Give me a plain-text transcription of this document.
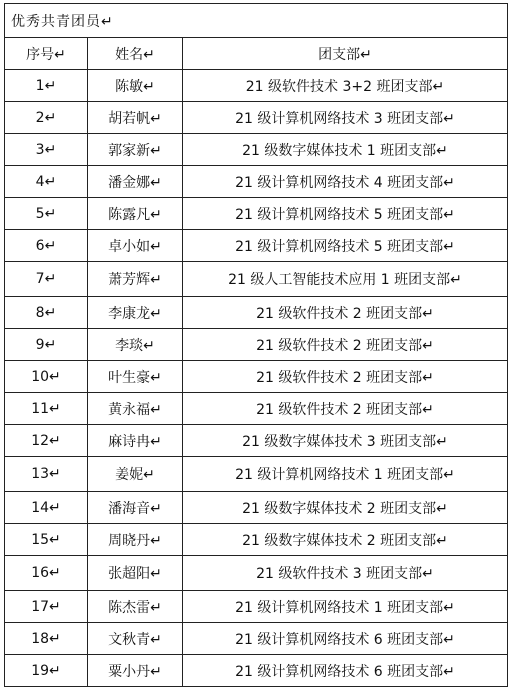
优秀共青团员↵		
序号↵	姓名↵	团支部↵
1↵	陈敏↵	21 级软件技术 3+2 班团支部↵
2↵	胡若帆↵	21 级计算机网络技术 3 班团支部↵
3↵	郭家新↵	21 级数字媒体技术 1 班团支部↵
4↵	潘金娜↵	21 级计算机网络技术 4 班团支部↵
5↵	陈露凡↵	21 级计算机网络技术 5 班团支部↵
6↵	卓小如↵	21 级计算机网络技术 5 班团支部↵
7↵	萧芳辉↵	21 级人工智能技术应用 1 班团支部↵
8↵	李康龙↵	21 级软件技术 2 班团支部↵
9↵	李琰↵	21 级软件技术 2 班团支部↵
10↵	叶生豪↵	21 级软件技术 2 班团支部↵
11↵	黄永福↵	21 级软件技术 2 班团支部↵
12↵	麻诗冉↵	21 级数字媒体技术 3 班团支部↵
13↵	姜妮↵	21 级计算机网络技术 1 班团支部↵
14↵	潘海音↵	21 级数字媒体技术 2 班团支部↵
15↵	周晓丹↵	21 级数字媒体技术 2 班团支部↵
16↵	张超阳↵	21 级软件技术 3 班团支部↵
17↵	陈杰雷↵	21 级计算机网络技术 1 班团支部↵
18↵	文秋青↵	21 级计算机网络技术 6 班团支部↵
19↵	粟小丹↵	21 级计算机网络技术 6 班团支部↵
